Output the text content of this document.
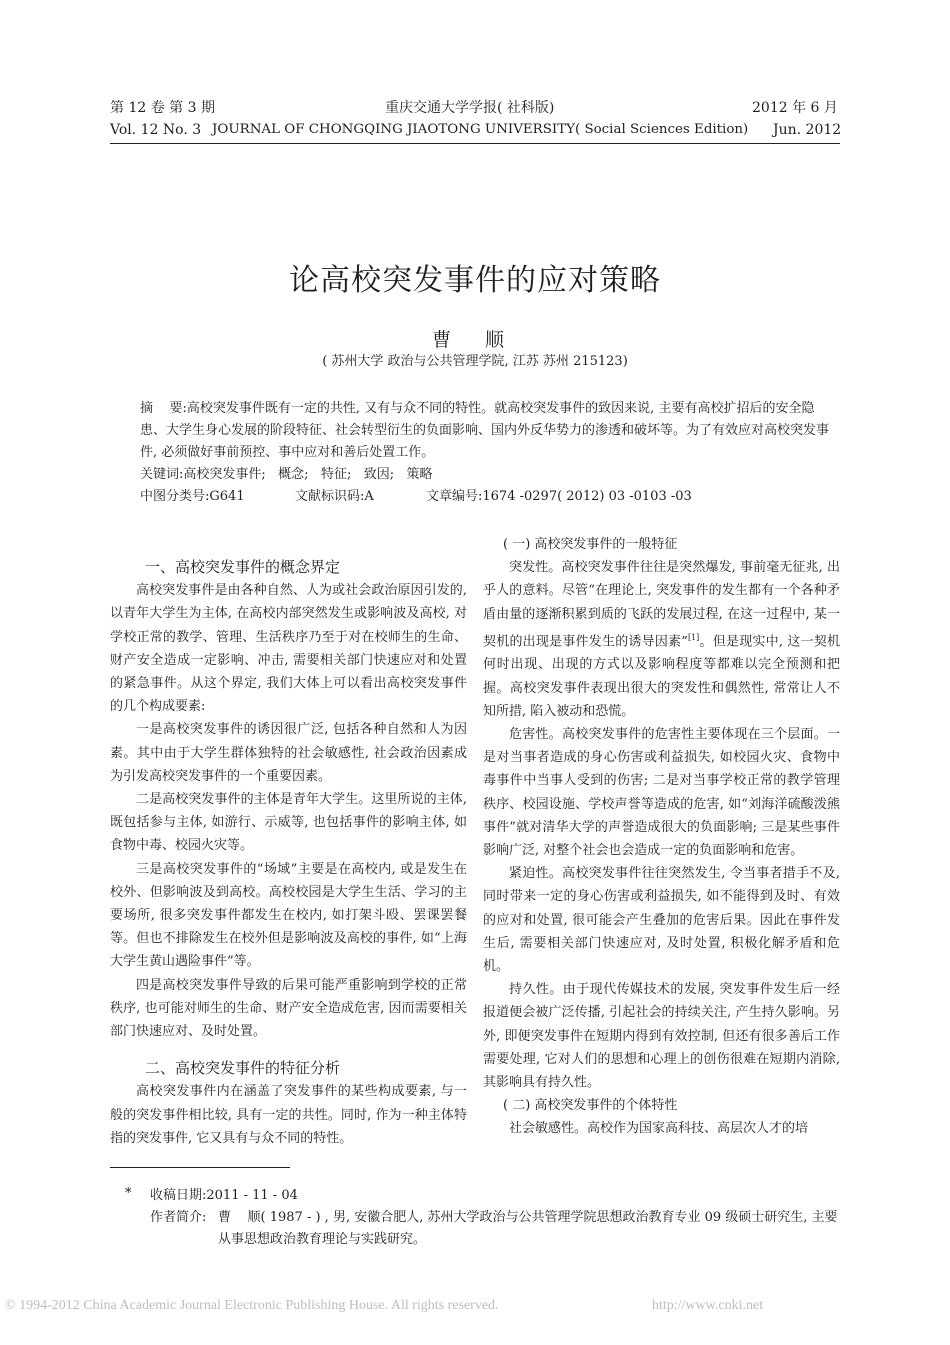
第 12 卷 第 3 期	重庆交通大学学报( 社科版)	2012 年 6 月
Vol. 12 No. 3 JOURNAL OF CHONGQING JIAOTONG UNIVERSITY( Social Sciences Edition) Jun. 2012
论高校突发事件的应对策略
曹 顺
( 苏州大学 政治与公共管理学院, 江苏 苏州 215123)
摘    要:高校突发事件既有一定的共性, 又有与众不同的特性。就高校突发事件的致因来说, 主要有高校扩招后的安全隐患、大学生身心发展的阶段特征、社会转型衍生的负面影响、国内外反华势力的渗透和破坏等。为了有效应对高校突发事件, 必须做好事前预控、事中应对和善后处置工作。
关键词:高校突发事件;   概念;   特征;   致因;   策略
中图分类号:G641	文献标识码:A	文章编号:1674 -0297( 2012) 03 -0103 -03

一、高校突发事件的概念界定

高校突发事件是由各种自然、人为或社会政治原因引发的, 以青年大学生为主体, 在高校内部突然发生或影响波及高校, 对学校正常的教学、管理、生活秩序乃至于对在校师生的生命、财产安全造成一定影响、冲击, 需要相关部门快速应对和处置的紧急事件。从这个界定, 我们大体上可以看出高校突发事件的几个构成要素:

一是高校突发事件的诱因很广泛, 包括各种自然和人为因素。其中由于大学生群体独特的社会敏感性, 社会政治因素成为引发高校突发事件的一个重要因素。

二是高校突发事件的主体是青年大学生。这里所说的主体, 既包括参与主体, 如游行、示威等, 也包括事件的影响主体, 如食物中毒、校园火灾等。

三是高校突发事件的“场域”主要是在高校内, 或是发生在校外、但影响波及到高校。高校校园是大学生生活、学习的主要场所, 很多突发事件都发生在校内, 如打架斗殴、罢课罢餐等。但也不排除发生在校外但是影响波及高校的事件, 如“上海大学生黄山遇险事件”等。

四是高校突发事件导致的后果可能严重影响到学校的正常秩序, 也可能对师生的生命、财产安全造成危害, 因而需要相关部门快速应对、及时处置。

二、高校突发事件的特征分析

高校突发事件内在涵盖了突发事件的某些构成要素, 与一般的突发事件相比较, 具有一定的共性。同时, 作为一种主体特指的突发事件, 它又具有与众不同的特性。

( 一) 高校突发事件的一般特征

突发性。高校突发事件往往是突然爆发, 事前毫无征兆, 出乎人的意料。尽管“在理论上, 突发事件的发生都有一个各种矛盾由量的逐渐积累到质的飞跃的发展过程, 在这一过程中, 某一契机的出现是事件发生的诱导因素”[1]。但是现实中, 这一契机何时出现、出现的方式以及影响程度等都难以完全预测和把握。高校突发事件表现出很大的突发性和偶然性, 常常让人不知所措, 陷入被动和恐慌。

危害性。高校突发事件的危害性主要体现在三个层面。一是对当事者造成的身心伤害或利益损失, 如校园火灾、食物中毒事件中当事人受到的伤害; 二是对当事学校正常的教学管理秩序、校园设施、学校声誉等造成的危害, 如“刘海洋硫酸泼熊事件”就对清华大学的声誉造成很大的负面影响; 三是某些事件影响广泛, 对整个社会也会造成一定的负面影响和危害。

紧迫性。高校突发事件往往突然发生, 令当事者措手不及, 同时带来一定的身心伤害或利益损失, 如不能得到及时、有效的应对和处置, 很可能会产生叠加的危害后果。因此在事件发生后, 需要相关部门快速应对, 及时处置, 积极化解矛盾和危机。

持久性。由于现代传媒技术的发展, 突发事件发生后一经报道便会被广泛传播, 引起社会的持续关注, 产生持久影响。另外, 即便突发事件在短期内得到有效控制, 但还有很多善后工作需要处理, 它对人们的思想和心理上的创伤很难在短期内消除, 其影响具有持久性。

( 二) 高校突发事件的个体特性

社会敏感性。高校作为国家高科技、高层次人才的培

* 收稿日期:2011 - 11 - 04
作者简介: 曹    顺( 1987 - ) , 男, 安徽合肥人, 苏州大学政治与公共管理学院思想政治教育专业 09 级硕士研究生, 主要从事思想政治教育理论与实践研究。
© 1994-2012 China Academic Journal Electronic Publishing House. All rights reserved.	http://www.cnki.net
